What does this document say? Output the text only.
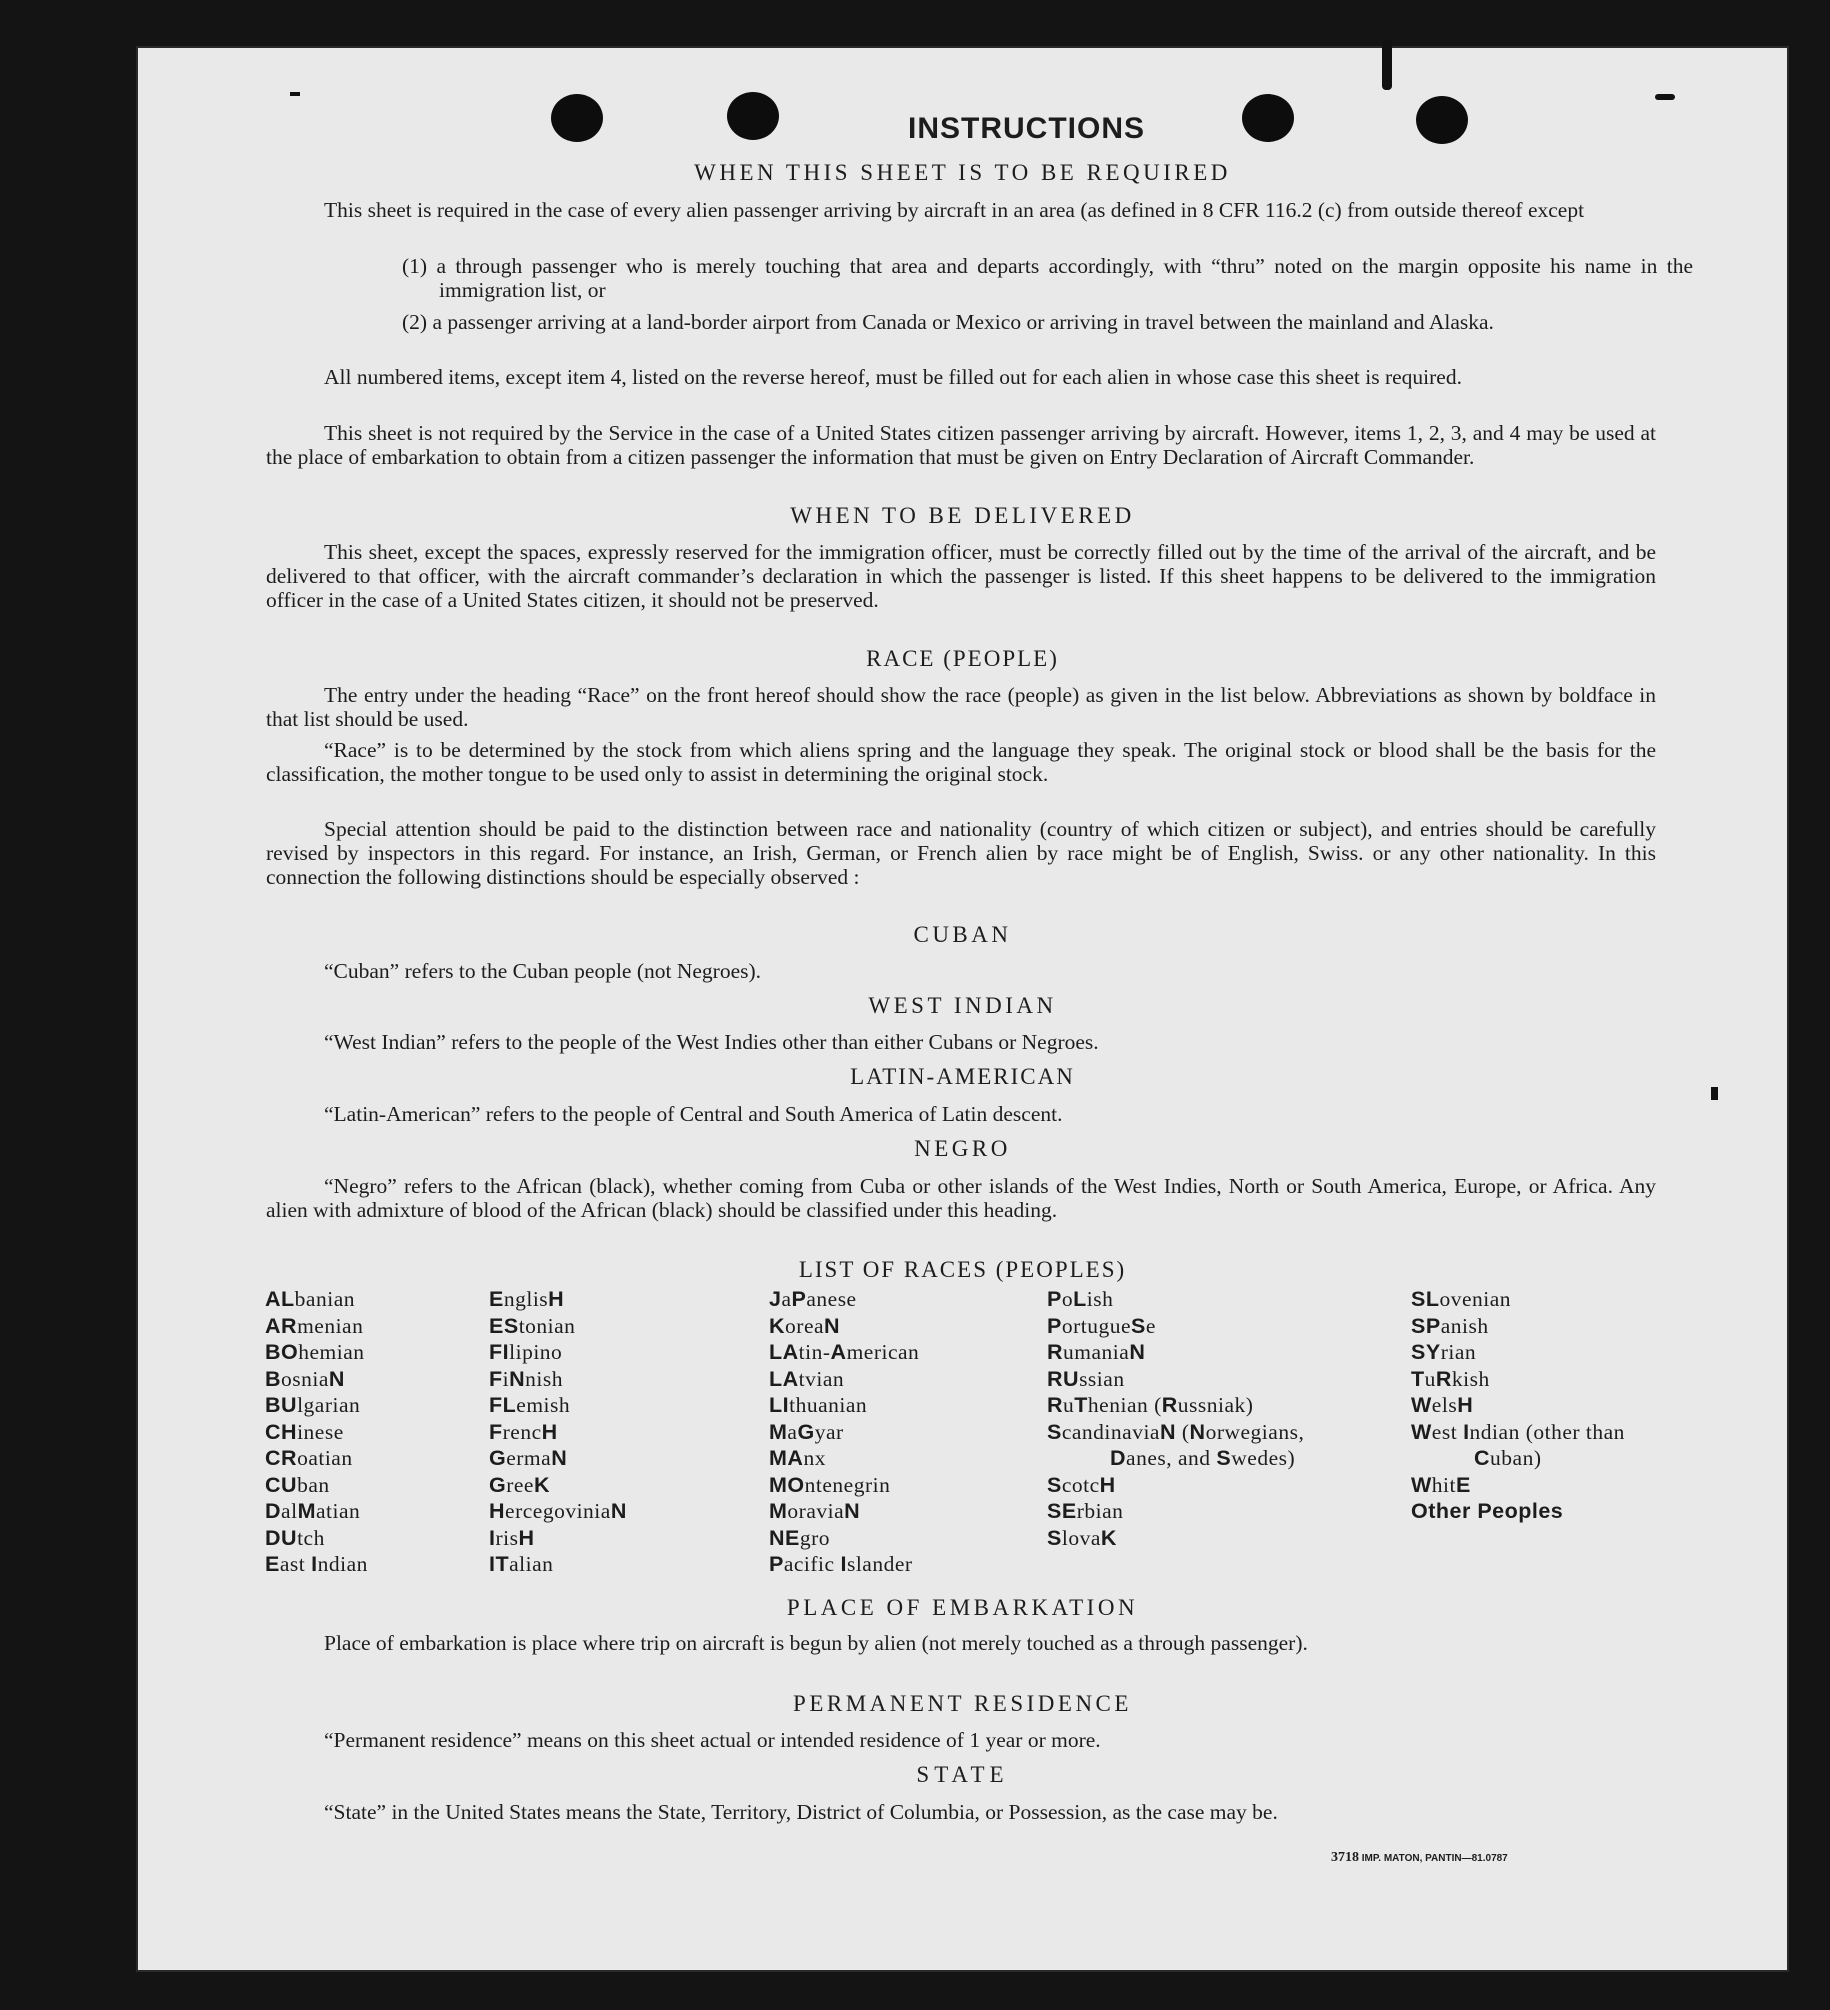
INSTRUCTIONS
WHEN THIS SHEET IS TO BE REQUIRED
This sheet is required in the case of every alien passenger arriving by aircraft in an area (as defined in 8 CFR 116.2 (c) from outside thereof except
(1) a through passenger who is merely touching that area and departs accordingly, with “thru” noted on the margin opposite his name in the immigration list, or
(2) a passenger arriving at a land-border airport from Canada or Mexico or arriving in travel between the mainland and Alaska.
All numbered items, except item 4, listed on the reverse hereof, must be filled out for each alien in whose case this sheet is required.
This sheet is not required by the Service in the case of a United States citizen passenger arriving by aircraft. However, items 1, 2, 3, and 4 may be used at the place of embarkation to obtain from a citizen passenger the information that must be given on Entry Declaration of Aircraft Commander.
WHEN TO BE DELIVERED
This sheet, except the spaces, expressly reserved for the immigration officer, must be correctly filled out by the time of the arrival of the aircraft, and be delivered to that officer, with the aircraft commander’s declaration in which the passenger is listed. If this sheet happens to be delivered to the immigration officer in the case of a United States citizen, it should not be preserved.
RACE (PEOPLE)
The entry under the heading “Race” on the front hereof should show the race (people) as given in the list below. Abbreviations as shown by boldface in that list should be used.
“Race” is to be determined by the stock from which aliens spring and the language they speak. The original stock or blood shall be the basis for the classification, the mother tongue to be used only to assist in determining the original stock.
Special attention should be paid to the distinction between race and nationality (country of which citizen or subject), and entries should be carefully revised by inspectors in this regard. For instance, an Irish, German, or French alien by race might be of English, Swiss. or any other nationality. In this connection the following distinctions should be especially observed :
CUBAN
“Cuban” refers to the Cuban people (not Negroes).
WEST INDIAN
“West Indian” refers to the people of the West Indies other than either Cubans or Negroes.
LATIN-AMERICAN
“Latin-American” refers to the people of Central and South America of Latin descent.
NEGRO
“Negro” refers to the African (black), whether coming from Cuba or other islands of the West Indies, North or South America, Europe, or Africa. Any alien with admixture of blood of the African (black) should be classified under this heading.
LIST OF RACES (PEOPLES)
ALbanian
ARmenian
BOhemian
BosniaN
BUlgarian
CHinese
CRoatian
CUban
DalMatian
DUtch
East Indian
EnglisH
EStonian
FIlipino
FiNnish
FLemish
FrencH
GermaN
GreeK
HercegoviniaN
IrisH
ITalian
JaPanese
KoreaN
LAtin-American
LAtvian
LIthuanian
MaGyar
MAnx
MOntenegrin
MoraviaN
NEgro
Pacific Islander
PoLish
PortugueSe
RumaniaN
RUssian
RuThenian (Russniak)
ScandinaviaN (Norwegians, Danes, and Swedes)
ScotcH
SErbian
SlovaK
SLovenian
SPanish
SYrian
TuRkish
WelsH
West Indian (other than Cuban)
WhitE
Other Peoples
PLACE OF EMBARKATION
Place of embarkation is place where trip on aircraft is begun by alien (not merely touched as a through passenger).
PERMANENT RESIDENCE
“Permanent residence” means on this sheet actual or intended residence of 1 year or more.
STATE
“State” in the United States means the State, Territory, District of Columbia, or Possession, as the case may be.
3718 IMP. MATON, PANTIN—81.0787
